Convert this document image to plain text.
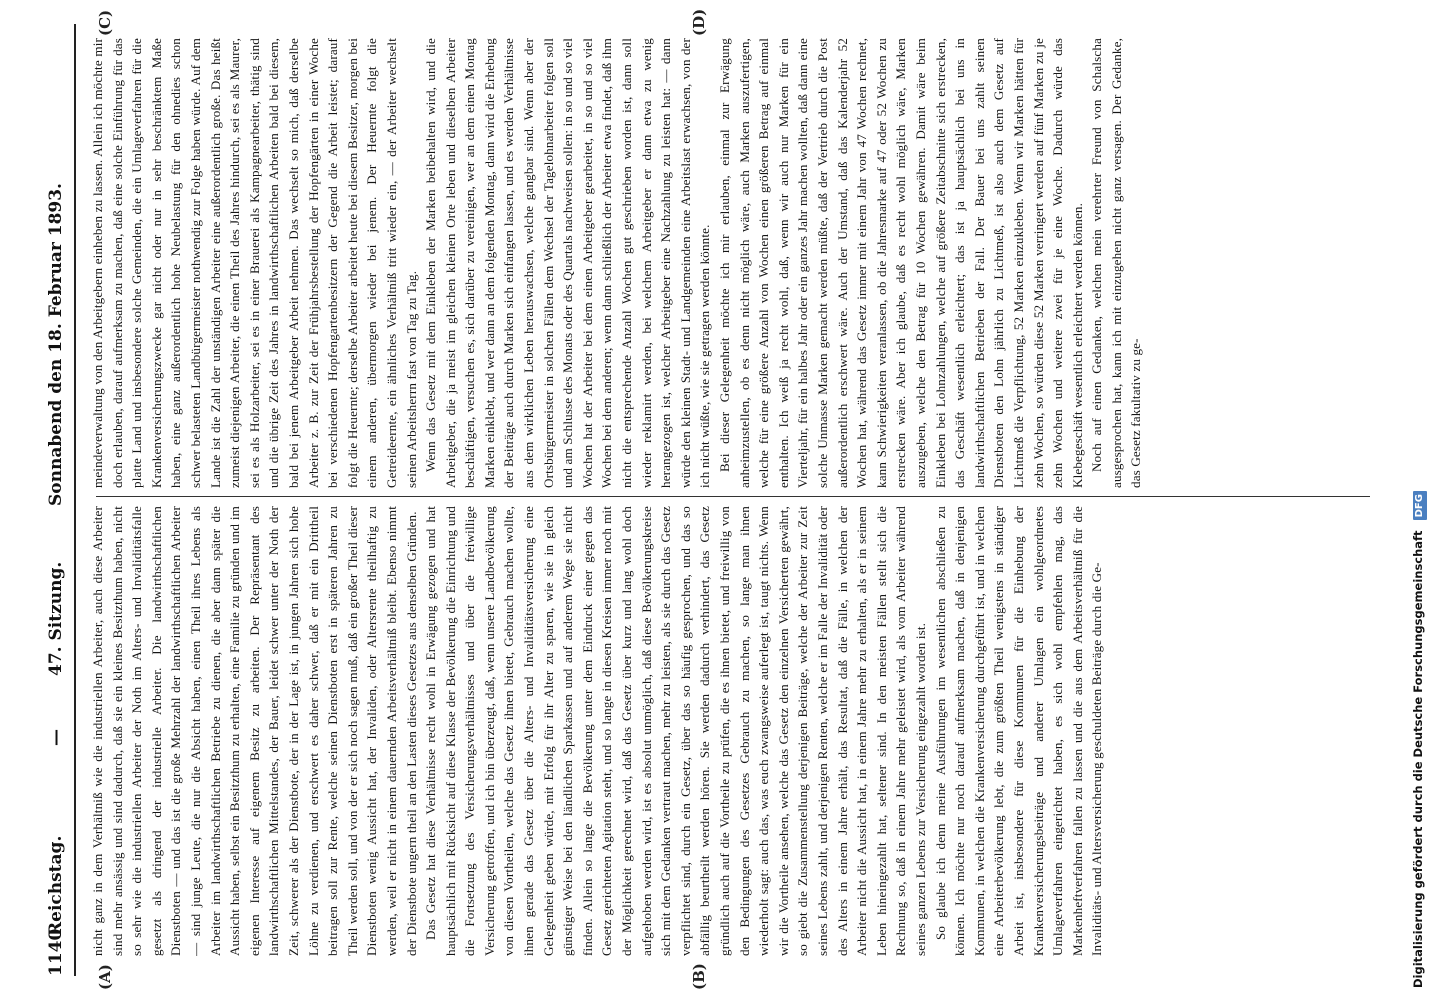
1140
Reichstag.
—
47. Sitzung.
Sonnabend den 18. Februar 1893.
(A)	(B)
(C)	(D)

nicht ganz in dem Verhältniß wie die industriellen Arbeiter, auch diese Arbeiter sind mehr ansässig und sind dadurch, daß sie ein kleines Besitzthum haben, nicht so sehr wie die industriellen Arbeiter der Noth im Alters- und Invaliditätsfalle gesetzt als dringend der industrielle Arbeiter. Die landwirthschaftlichen Dienstboten — und das ist die große Mehrzahl der landwirthschaftlichen Arbeiter — sind junge Leute, die nur die Absicht haben, einen Theil ihres Lebens als Arbeiter im landwirthschaftlichen Betriebe zu dienen, die aber dann später die Aussicht haben, selbst ein Besitzthum zu erhalten, eine Familie zu gründen und im eigenen Interesse auf eigenem Besitz zu arbeiten. Der Repräsentant des landwirthschaftlichen Mittelstandes, der Bauer, leidet schwer unter der Noth der Zeit, schwerer als der Dienstbote, der in der Lage ist, in jungen Jahren sich hohe Löhne zu verdienen, und erschwert es daher schwer, daß er mit ein Drittheil beitragen soll zur Rente, welche seinen Dienstboten erst in späteren Jahren zu Theil werden soll, und von der er sich noch sagen muß, daß ein großer Theil dieser Dienstboten wenig Aussicht hat, der Invaliden, oder Altersrente theilhaftig zu werden, weil er nicht in einem dauernden Arbeitsverhältniß bleibt. Ebenso nimmt der Dienstbote ungern theil an den Lasten dieses Gesetzes aus denselben Gründen. Das Gesetz hat diese Verhältnisse recht wohl in Erwägung gezogen und hat hauptsächlich mit Rücksicht auf diese Klasse der Bevölkerung die Einrichtung und die Fortsetzung des Versicherungsverhältnisses und über die freiwillige Versicherung getroffen, und ich bin überzeugt, daß, wenn unsere Landbevölkerung von diesen Vortheilen, welche das Gesetz ihnen bietet, Gebrauch machen wollte, ihnen gerade das Gesetz über die Alters- und Invaliditätsversicherung eine Gelegenheit geben würde, mit Erfolg für ihr Alter zu sparen, wie sie in gleich günstiger Weise bei den ländlichen Sparkassen und auf anderem Wege sie nicht finden. Allein so lange die Bevölkerung unter dem Eindruck einer gegen das Gesetz gerichteten Agitation steht, und so lange in diesen Kreisen immer noch mit der Möglichkeit gerechnet wird, daß das Gesetz über kurz und lang wohl doch aufgehoben werden wird, ist es absolut unmöglich, daß diese Bevölkerungskreise sich mit dem Gedanken vertraut machen, mehr zu leisten, als sie durch das Gesetz verpflichtet sind, durch ein Gesetz, über das so häufig gesprochen, und das so abfällig beurtheilt werden hören. Sie werden dadurch verhindert, das Gesetz gründlich auch auf die Vortheile zu prüfen, die es ihnen bietet, und freiwillig von den Bedingungen des Gesetzes Gebrauch zu machen, so lange man ihnen wiederholt sagt: auch das, was euch zwangsweise auferlegt ist, taugt nichts. Wenn wir die Vortheile ansehen, welche das Gesetz den einzelnen Versicherten gewährt, so giebt die Zusammenstellung derjenigen Beiträge, welche der Arbeiter zur Zeit seines Lebens zahlt, und derjenigen Renten, welche er im Falle der Invalidität oder des Alters in einem Jahre erhält, das Resultat, daß die Fälle, in welchen der Arbeiter nicht die Aussicht hat, in einem Jahre mehr zu erhalten, als er in seinem Leben hineingezahlt hat, seltener sind. In den meisten Fällen stellt sich die Rechnung so, daß in einem Jahre mehr geleistet wird, als vom Arbeiter während seines ganzen Lebens zur Versicherung eingezahlt worden ist. So glaube ich denn meine Ausführungen im wesentlichen abschließen zu können. Ich möchte nur noch darauf aufmerksam machen, daß in denjenigen Kommunen, in welchen die Krankenversicherung durchgeführt ist, und in welchen eine Arbeiterbevölkerung lebt, die zum größten Theil wenigstens in ständiger Arbeit ist, insbesondere für diese Kommunen für die Einhebung der Krankenversicherungsbeiträge und anderer Umlagen ein wohlgeordnetes Umlageverfahren eingerichtet haben, es sich wohl empfehlen mag, das Markenheftverfahren fallen zu lassen und die aus dem Arbeitsverhältniß für die Invaliditäts- und Altersversicherung geschuldeten Beiträge durch die Ge-

meindeverwaltung von den Arbeitgebern einheben zu lassen. Allein ich möchte mir doch erlauben, darauf aufmerksam zu machen, daß eine solche Einführung für das platte Land und insbesondere solche Gemeinden, die ein Umlageverfahren für die Krankenversicherungszwecke gar nicht oder nur in sehr beschränktem Maße haben, eine ganz außerordentlich hohe Neubelastung für den ohnedies schon schwer belasteten Landbürgermeister nothwendig zur Folge haben würde. Auf dem Lande ist die Zahl der unständigen Arbeiter eine außerordentlich große. Das heißt zumeist diejenigen Arbeiter, die einen Theil des Jahres hindurch, sei es als Maurer, sei es als Holzarbeiter, sei es in einer Brauerei als Kampagnearbeiter, thätig sind und die übrige Zeit des Jahres in landwirthschaftlichen Arbeiten bald bei diesem, bald bei jenem Arbeitgeber Arbeit nehmen. Das wechselt so mich, daß derselbe Arbeiter z. B. zur Zeit der Frühjahrsbestellung der Hopfengärten in einer Woche bei verschiedenen Hopfengartenbesitzern der Gegend die Arbeit leistet; darauf folgt die Heuernte; derselbe Arbeiter arbeitet heute bei diesem Besitzer, morgen bei einem anderen, übermorgen wieder bei jenem. Der Heuernte folgt die Getreideernte, ein ähnliches Verhältniß tritt wieder ein, — der Arbeiter wechselt seinen Arbeitsherrn fast von Tag zu Tag. Wenn das Gesetz mit dem Einkleben der Marken beibehalten wird, und die Arbeitgeber, die ja meist im gleichen kleinen Orte leben und dieselben Arbeiter beschäftigen, versuchen es, sich darüber zu vereinigen, wer an dem einen Montag Marken einklebt, und wer dann an dem folgenden Montag, dann wird die Erhebung der Beiträge auch durch Marken sich einfangen lassen, und es werden Verhältnisse aus dem wirklichen Leben herauswachsen, welche gangbar sind. Wenn aber der Ortsbürgermeister in solchen Fällen dem Wechsel der Tagelohnarbeiter folgen soll und am Schlusse des Monats oder des Quartals nachweisen sollen: in so und so viel Wochen hat der Arbeiter bei dem einen Arbeitgeber gearbeitet, in so und so viel Wochen bei dem anderen; wenn dann schließlich der Arbeiter etwa findet, daß ihm nicht die entsprechende Anzahl Wochen gut geschrieben worden ist, dann soll wieder reklamirt werden, bei welchem Arbeitgeber er dann etwa zu wenig herangezogen ist, welcher Arbeitgeber eine Nachzahlung zu leisten hat: — dann würde den kleinen Stadt- und Landgemeinden eine Arbeitslast erwachsen, von der ich nicht wüßte, wie sie getragen werden könnte. Bei dieser Gelegenheit möchte ich mir erlauben, einmal zur Erwägung anheimzustellen, ob es denn nicht möglich wäre, auch Marken auszufertigen, welche für eine größere Anzahl von Wochen einen größeren Betrag auf einmal enthalten. Ich weiß ja recht wohl, daß, wenn wir auch nur Marken für ein Vierteljahr, für ein halbes Jahr oder ein ganzes Jahr machen wollten, daß dann eine solche Unmasse Marken gemacht werden müßte, daß der Vertrieb durch die Post außerordentlich erschwert wäre. Auch der Umstand, daß das Kalenderjahr 52 Wochen hat, während das Gesetz immer mit einem Jahr von 47 Wochen rechnet, kann Schwierigkeiten veranlassen, ob die Jahresmarke auf 47 oder 52 Wochen zu erstrecken wäre. Aber ich glaube, daß es recht wohl möglich wäre, Marken auszugeben, welche den Betrag für 10 Wochen gewähren. Damit wäre beim Einkleben bei Lohnzahlungen, welche auf größere Zeitabschnitte sich erstrecken, das Geschäft wesentlich erleichtert; das ist ja hauptsächlich bei uns in landwirthschaftlichen Betrieben der Fall. Der Bauer bei uns zahlt seinen Dienstboten den Lohn jährlich zu Lichtmeß, ist also auch dem Gesetz auf Lichtmeß die Verpflichtung, 52 Marken einzukleben. Wenn wir Marken hätten für zehn Wochen, so würden diese 52 Marken verringert werden auf fünf Marken zu je zehn Wochen und weitere zwei für je eine Woche. Dadurch würde das Klebegeschäft wesentlich erleichtert werden können. Noch auf einen Gedanken, welchen mein verehrter Freund von Schalscha ausgesprochen hat, kann ich mit einzugehen nicht ganz versagen. Der Gedanke, das Gesetz fakultativ zu ge-

Digitalisierung gefördert durch die Deutsche Forschungsgemeinschaft DFG
